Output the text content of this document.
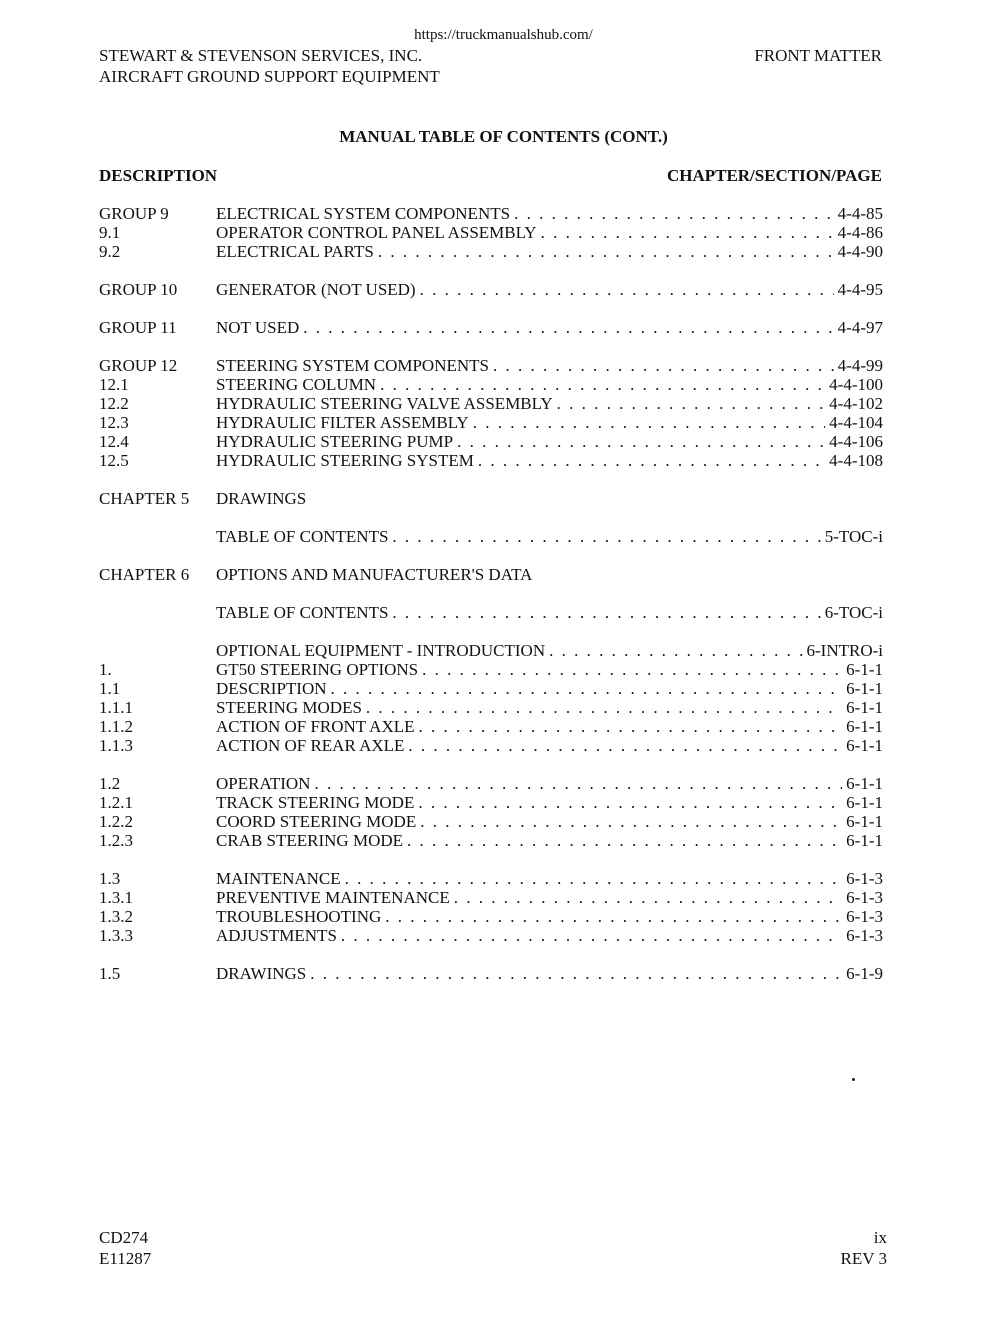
https://truckmanualshub.com/
STEWART & STEVENSON SERVICES, INC.
AIRCRAFT GROUND SUPPORT EQUIPMENT
FRONT MATTER
MANUAL TABLE OF CONTENTS (CONT.)
DESCRIPTION	CHAPTER/SECTION/PAGE
GROUP 9	ELECTRICAL SYSTEM COMPONENTS . . .	4-4-85
9.1	OPERATOR CONTROL PANEL ASSEMBLY . . .	4-4-86
9.2	ELECTRICAL PARTS . . .	4-4-90
GROUP 10	GENERATOR (NOT USED) . . .	4-4-95
GROUP 11	NOT USED . . .	4-4-97
GROUP 12	STEERING SYSTEM COMPONENTS . . .	4-4-99
12.1	STEERING COLUMN . . .	4-4-100
12.2	HYDRAULIC STEERING VALVE ASSEMBLY . . .	4-4-102
12.3	HYDRAULIC FILTER ASSEMBLY . . .	4-4-104
12.4	HYDRAULIC STEERING PUMP . . .	4-4-106
12.5	HYDRAULIC STEERING SYSTEM . . .	4-4-108
CHAPTER 5	DRAWINGS
TABLE OF CONTENTS . . .	5-TOC-i
CHAPTER 6	OPTIONS AND MANUFACTURER'S DATA
TABLE OF CONTENTS . . .	6-TOC-i
OPTIONAL EQUIPMENT - INTRODUCTION . . .	6-INTRO-i
1.	GT50 STEERING OPTIONS . . .	6-1-1
1.1	DESCRIPTION . . .	6-1-1
1.1.1	STEERING MODES . . .	6-1-1
1.1.2	ACTION OF FRONT AXLE . . .	6-1-1
1.1.3	ACTION OF REAR AXLE . . .	6-1-1
1.2	OPERATION . . .	6-1-1
1.2.1	TRACK STEERING MODE . . .	6-1-1
1.2.2	COORD STEERING MODE . . .	6-1-1
1.2.3	CRAB STEERING MODE . . .	6-1-1
1.3	MAINTENANCE . . .	6-1-3
1.3.1	PREVENTIVE MAINTENANCE . . .	6-1-3
1.3.2	TROUBLESHOOTING . . .	6-1-3
1.3.3	ADJUSTMENTS . . .	6-1-3
1.5	DRAWINGS . . .	6-1-9
CD274
E11287
ix
REV 3
